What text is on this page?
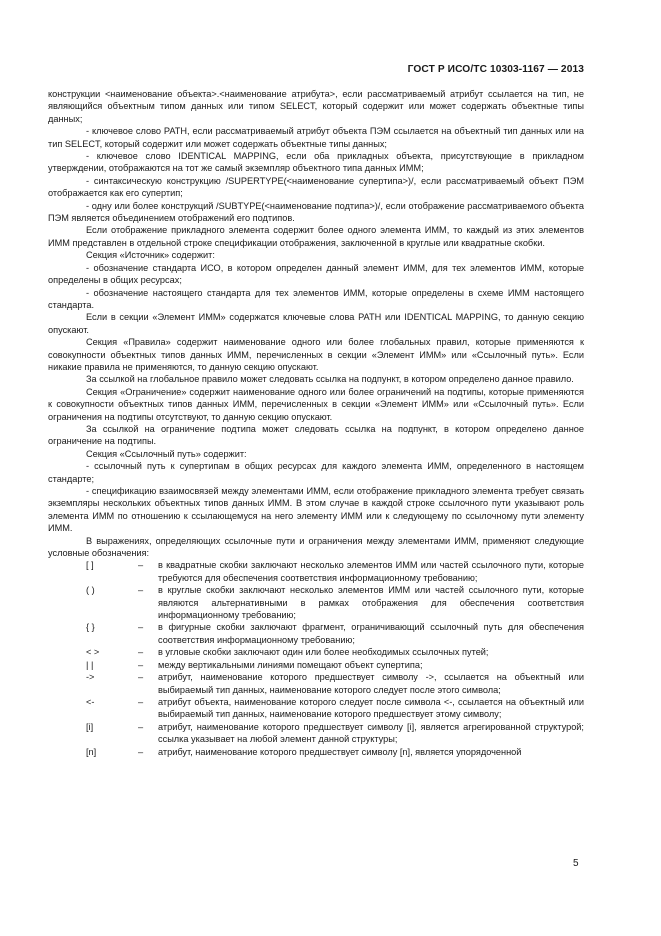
ГОСТ Р ИСО/ТС 10303-1167 — 2013

конструкции <наименование объекта>.<наименование атрибута>, если рассматриваемый атрибут ссылается на тип, не являющийся объектным типом данных или типом SELECT, который содержит или может содержать объектные типы данных;

- ключевое слово PATH, если рассматриваемый атрибут объекта ПЭМ ссылается на объектный тип данных или на тип SELECT, который содержит или может содержать объектные типы данных;

- ключевое слово IDENTICAL MAPPING, если оба прикладных объекта, присутствующие в прикладном утверждении, отображаются на тот же самый экземпляр объектного типа данных ИММ;

- синтаксическую конструкцию /SUPERTYPE(<наименование супертипа>)/, если рассматриваемый объект ПЭМ отображается как его супертип;

- одну или более конструкций /SUBTYPE(<наименование подтипа>)/, если отображение рассматриваемого объекта ПЭМ является объединением отображений его подтипов.

Если отображение прикладного элемента содержит более одного элемента ИММ, то каждый из этих элементов ИММ представлен в отдельной строке спецификации отображения, заключенной в круглые или квадратные скобки.

Секция «Источник» содержит:

- обозначение стандарта ИСО, в котором определен данный элемент ИММ, для тех элементов ИММ, которые определены в общих ресурсах;

- обозначение настоящего стандарта для тех элементов ИММ, которые определены в схеме ИММ настоящего стандарта.

Если в секции «Элемент ИММ» содержатся ключевые слова PATH или IDENTICAL MAPPING, то данную секцию опускают.

Секция «Правила» содержит наименование одного или более глобальных правил, которые применяются к совокупности объектных типов данных ИММ, перечисленных в секции «Элемент ИММ» или «Ссылочный путь». Если никакие правила не применяются, то данную секцию опускают.

За ссылкой на глобальное правило может следовать ссылка на подпункт, в котором определено данное правило.

Секция «Ограничение» содержит наименование одного или более ограничений на подтипы, которые применяются к совокупности объектных типов данных ИММ, перечисленных в секции «Элемент ИММ» или «Ссылочный путь». Если ограничения на подтипы отсутствуют, то данную секцию опускают.

За ссылкой на ограничение подтипа может следовать ссылка на подпункт, в котором определено данное ограничение на подтипы.

Секция «Ссылочный путь» содержит:

- ссылочный путь к супертипам в общих ресурсах для каждого элемента ИММ, определенного в настоящем стандарте;

- спецификацию взаимосвязей между элементами ИММ, если отображение прикладного элемента требует связать экземпляры нескольких объектных типов данных ИММ. В этом случае в каждой строке ссылочного пути указывают роль элемента ИММ по отношению к ссылающемуся на него элементу ИММ или к следующему по ссылочному пути элементу ИММ.

В выражениях, определяющих ссылочные пути и ограничения между элементами ИММ, применяют следующие условные обозначения:

[ ]	–	в квадратные скобки заключают несколько элементов ИММ или частей ссылочного пути, которые требуются для обеспечения соответствия информационному требованию;
( )	–	в круглые скобки заключают несколько элементов ИММ или частей ссылочного пути, которые являются альтернативными в рамках отображения для обеспечения соответствия информационному требованию;
{ }	–	в фигурные скобки заключают фрагмент, ограничивающий ссылочный путь для обеспечения соответствия информационному требованию;
< >	–	в угловые скобки заключают один или более необходимых ссылочных путей;
| |	–	между вертикальными линиями помещают объект супертипа;
->	–	атрибут, наименование которого предшествует символу ->, ссылается на объектный или выбираемый тип данных, наименование которого следует после этого символа;
<-	–	атрибут объекта, наименование которого следует после символа <-, ссылается на объектный или выбираемый тип данных, наименование которого предшествует этому символу;
[i]	–	атрибут, наименование которого предшествует символу [i], является агрегированной структурой; ссылка указывает на любой элемент данной структуры;
[n]	–	атрибут, наименование которого предшествует символу [n], является упорядоченной
5
